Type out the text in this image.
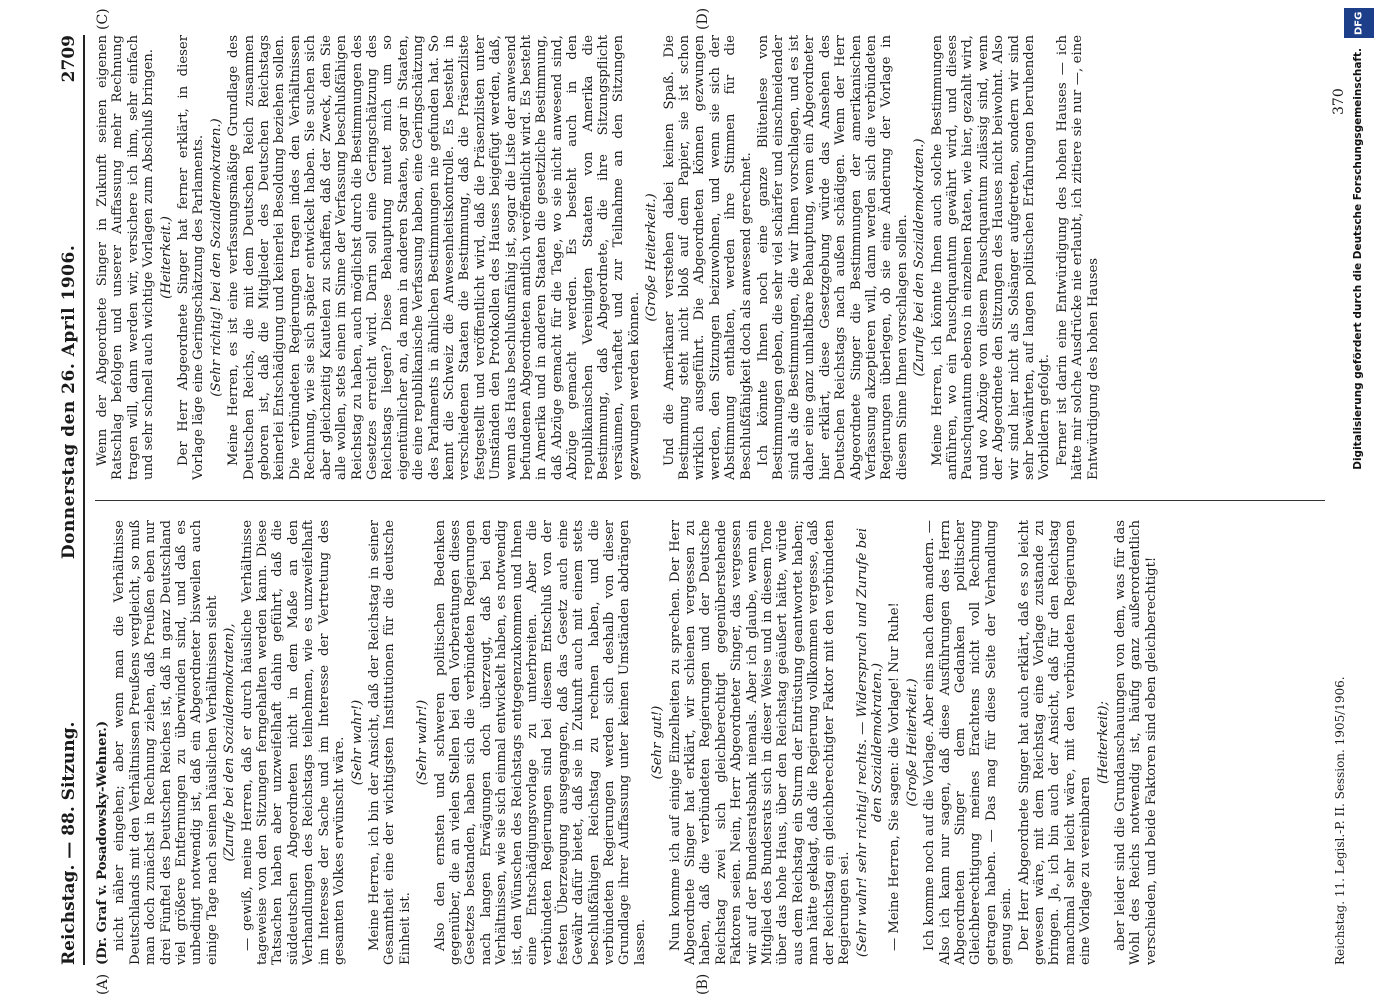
Reichstag. — 88. Sitzung.
Donnerstag den 26. April 1906.
2709

(Dr. Graf v. Posadowsky-Wehner.) nicht näher eingehen; aber wenn man die Verhältnisse Deutschlands mit den Verhältnissen Preußens vergleicht, so muß man doch zunächst in Rechnung ziehen, daß Preußen eben nur drei Fünftel des Deutschen Reiches ist, daß in ganz Deutschland viel größere Entfernungen zu überwinden sind, und daß es unbedingt notwendig ist, daß ein Abgeordneter bisweilen auch einige Tage nach seinen häuslichen Verhältnissen sieht (Zurufe bei den Sozialdemokraten), — gewiß, meine Herren, daß er durch häusliche Verhältnisse tageweise von den Sitzungen ferngehalten werden kann. Diese Tatsachen haben aber unzweifelhaft dahin geführt, daß die süddeutschen Abgeordneten nicht in dem Maße an den Verhandlungen des Reichstags teilnehmen, wie es unzweifelhaft im Interesse der Sache und im Interesse der Vertretung des gesamten Volkes erwünscht wäre. (Sehr wahr!) Meine Herren, ich bin der Ansicht, daß der Reichstag in seiner Gesamtheit eine der wichtigsten Institutionen für die deutsche Einheit ist.

(Sehr wahr!) Also den ernsten und schweren politischen Bedenken gegenüber, die an vielen Stellen bei den Vorberatungen dieses Gesetzes bestanden, haben sich die verbündeten Regierungen nach langen Erwägungen doch überzeugt, daß bei den Verhältnissen, wie sie sich einmal entwickelt haben, es notwendig ist, den Wünschen des Reichstags entgegenzukommen und Ihnen eine Entschädigungsvorlage zu unterbreiten. Aber die verbündeten Regierungen sind bei diesem Entschluß von der festen Überzeugung ausgegangen, daß das Gesetz auch eine Gewähr dafür bietet, daß sie in Zukunft auch mit einem stets beschlußfähigen Reichstag zu rechnen haben, und die verbündeten Regierungen werden sich deshalb von dieser Grundlage ihrer Auffassung unter keinen Umständen abdrängen lassen.

(Sehr gut!) Nun komme ich auf einige Einzelheiten zu sprechen. Der Herr Abgeordnete Singer hat erklärt, wir schienen vergessen zu haben, daß die verbündeten Regierungen und der Deutsche Reichstag zwei sich gleichberechtigt gegenüberstehende Faktoren seien. Nein, Herr Abgeordneter Singer, das vergessen wir auf der Bundesratsbank niemals. Aber ich glaube, wenn ein Mitglied des Bundesrats sich in dieser Weise und in diesem Tone über das hohe Haus, über den Reichstag geäußert hätte, würde aus dem Reichstag ein Sturm der Entrüstung geantwortet haben; man hätte geklagt, daß die Regierung vollkommen vergesse, daß der Reichstag ein gleichberechtigter Faktor mit den verbündeten Regierungen sei. (Sehr wahr! sehr richtig! rechts. — Widerspruch und Zurufe bei den Sozialdemokraten.) — Meine Herren, Sie sagen: die Vorlage! Nur Ruhe! (Große Heiterkeit.) Ich komme noch auf die Vorlage. Aber eins nach dem andern. — Also ich kann nur sagen, daß diese Ausführungen des Herrn Abgeordneten Singer dem Gedanken politischer Gleichberechtigung meines Erachtens nicht voll Rechnung getragen haben. — Das mag für diese Seite der Verhandlung genug sein. Der Herr Abgeordnete Singer hat auch erklärt, daß es so leicht gewesen wäre, mit dem Reichstag eine Vorlage zustande zu bringen. Ja, ich bin auch der Ansicht, daß für den Reichstag manchmal sehr leicht wäre, mit den verbündeten Regierungen eine Vorlage zu vereinbaren

(Heiterkeit); aber leider sind die Grundanschauungen von dem, was für das Wohl des Reichs notwendig ist, häufig ganz außerordentlich verschieden, und beide Faktoren sind eben gleichberechtigt!

Wenn der Abgeordnete Singer in Zukunft seinen eigenen Ratschlag befolgen und unserer Auffassung mehr Rechnung tragen will, dann werden wir, versichere ich ihm, sehr einfach und sehr schnell auch wichtige Vorlagen zum Abschluß bringen. (Heiterkeit.) Der Herr Abgeordnete Singer hat ferner erklärt, in dieser Vorlage läge eine Geringschätzung des Parlaments. (Sehr richtig! bei den Sozialdemokraten.) Meine Herren, es ist eine verfassungsmäßige Grundlage des Deutschen Reichs, die mit dem Deutschen Reich zusammen geboren ist, daß die Mitglieder des Deutschen Reichstags keinerlei Entschädigung und keinerlei Besoldung beziehen sollen. Die verbündeten Regierungen tragen indes den Verhältnissen Rechnung, wie sie sich später entwickelt haben. Sie suchen sich aber gleichzeitig Kautelen zu schaffen, daß der Zweck, den Sie alle wollen, stets einen im Sinne der Verfassung beschlußfähigen Reichstag zu haben, auch möglichst durch die Bestimmungen des Gesetzes erreicht wird. Darin soll eine Geringschätzung des Reichstags liegen? Diese Behauptung mutet mich um so eigentümlicher an, da man in anderen Staaten, sogar in Staaten, die eine republikanische Verfassung haben, eine Geringschätzung des Parlaments in ähnlichen Bestimmungen nie gefunden hat. So kennt die Schweiz die Anwesenheitskontrolle. Es besteht in verschiedenen Staaten die Bestimmung, daß die Präsenzliste festgestellt und veröffentlicht wird, daß die Präsenzlisten unter Umständen den Protokollen des Hauses beigefügt werden, daß, wenn das Haus beschlußunfähig ist, sogar die Liste der anwesend befundenen Abgeordneten amtlich veröffentlicht wird. Es besteht in Amerika und in anderen Staaten die gesetzliche Bestimmung, daß Abzüge gemacht für die Tage, wo sie nicht anwesend sind, Abzüge gemacht werden. Es besteht auch in den republikanischen Vereinigten Staaten von Amerika die Bestimmung, daß Abgeordnete, die ihre Sitzungspflicht versäumen, verhaftet und zur Teilnahme an den Sitzungen gezwungen werden können.

(Große Heiterkeit.) Und die Amerikaner verstehen dabei keinen Spaß. Die Bestimmung steht nicht bloß auf dem Papier, sie ist schon wirklich ausgeführt. Die Abgeordneten können gezwungen werden, den Sitzungen beizuwohnen, und wenn sie sich der Abstimmung enthalten, werden ihre Stimmen für die Beschlußfähigkeit doch als anwesend gerechnet. Ich könnte Ihnen noch eine ganze Blütenlese von Bestimmungen geben, die sehr viel schärfer und einschneidender sind als die Bestimmungen, die wir Ihnen vorschlagen, und es ist daher eine ganz unhaltbare Behauptung, wenn ein Abgeordneter hier erklärt, diese Gesetzgebung würde das Ansehen des Deutschen Reichstags nach außen schädigen. Wenn der Herr Abgeordnete Singer die Bestimmungen der amerikanischen Verfassung akzeptieren will, dann werden sich die verbündeten Regierungen überlegen, ob sie eine Änderung der Vorlage in diesem Sinne Ihnen vorschlagen sollen. (Zurufe bei den Sozialdemokraten.) Meine Herren, ich könnte Ihnen auch solche Bestimmungen anführen, wo ein Pauschquantum gewährt wird, und dieses Pauschquantum ebenso in einzelnen Raten, wie hier, gezahlt wird, und wo Abzüge von diesem Pauschquantum zulässig sind, wenn der Abgeordnete den Sitzungen des Hauses nicht beiwohnt. Also wir sind hier nicht als Solsänger aufgetreten, sondern wir sind sehr bewährten, auf langen politischen Erfahrungen beruhenden Vorbildern gefolgt. Ferner ist darin eine Entwürdigung des hohen Hauses — ich hätte mir solche Ausdrücke nie erlaubt, ich zitiere sie nur —, eine Entwürdigung des hohen Hauses

(A)	(B)
(C)	(D)
Reichstag. 11. Legisl.-P. II. Session. 1905/1906.
370
DFG
Digitalisierung gefördert durch die Deutsche Forschungsgemeinschaft.
